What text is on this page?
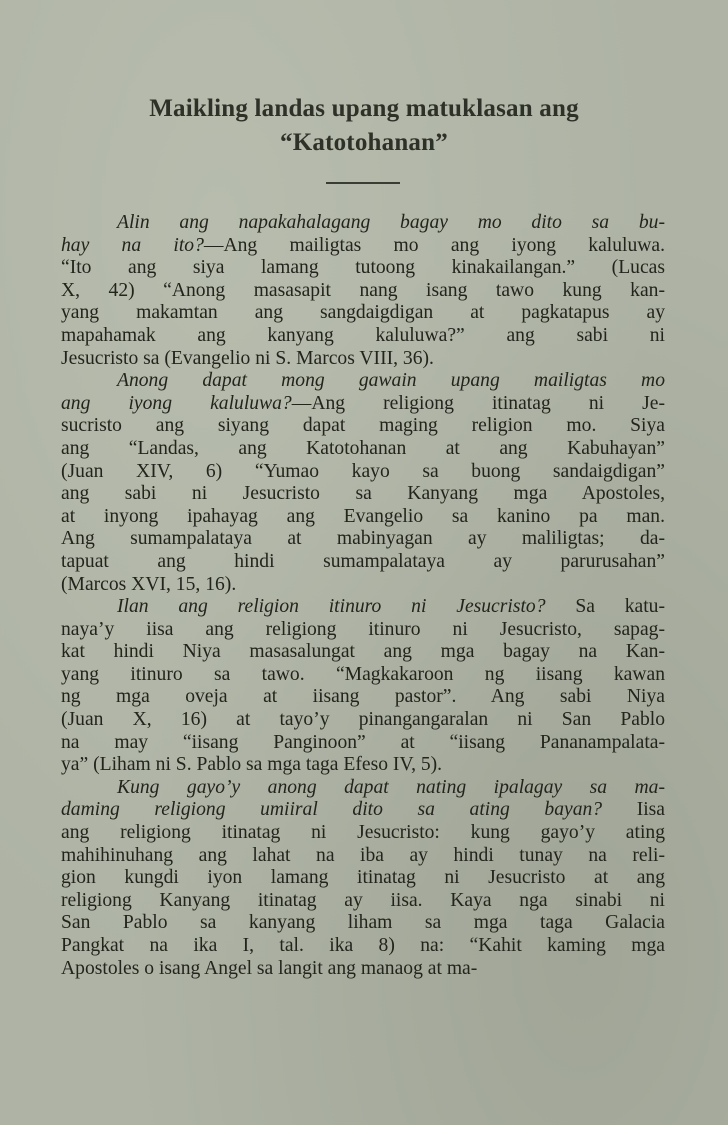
Maikling landas upang matuklasan ang
“Katotohanan”
Alin ang napakahalagang bagay mo dito sa bu-
hay na ito?—Ang mailigtas mo ang iyong kaluluwa.
“Ito ang siya lamang tutoong kinakailangan.” (Lucas
X, 42) “Anong masasapit nang isang tawo kung kan-
yang makamtan ang sangdaigdigan at pagkatapus ay
mapahamak ang kanyang kaluluwa?” ang sabi ni
Jesucristo sa (Evangelio ni S. Marcos VIII, 36).
Anong dapat mong gawain upang mailigtas mo
ang iyong kaluluwa?—Ang religiong itinatag ni Je-
sucristo ang siyang dapat maging religion mo. Siya
ang “Landas, ang Katotohanan at ang Kabuhayan”
(Juan XIV, 6) “Yumao kayo sa buong sandaigdigan”
ang sabi ni Jesucristo sa Kanyang mga Apostoles,
at inyong ipahayag ang Evangelio sa kanino pa man.
Ang sumampalataya at mabinyagan ay maliligtas; da-
tapuat ang hindi sumampalataya ay parurusahan”
(Marcos XVI, 15, 16).
Ilan ang religion itinuro ni Jesucristo? Sa katu-
naya’y iisa ang religiong itinuro ni Jesucristo, sapag-
kat hindi Niya masasalungat ang mga bagay na Kan-
yang itinuro sa tawo. “Magkakaroon ng iisang kawan
ng mga oveja at iisang pastor”. Ang sabi Niya
(Juan X, 16) at tayo’y pinangangaralan ni San Pablo
na may “iisang Panginoon” at “iisang Pananampalata-
ya” (Liham ni S. Pablo sa mga taga Efeso IV, 5).
Kung gayo’y anong dapat nating ipalagay sa ma-
daming religiong umiiral dito sa ating bayan? Iisa
ang religiong itinatag ni Jesucristo: kung gayo’y ating
mahihinuhang ang lahat na iba ay hindi tunay na reli-
gion kungdi iyon lamang itinatag ni Jesucristo at ang
religiong Kanyang itinatag ay iisa. Kaya nga sinabi ni
San Pablo sa kanyang liham sa mga taga Galacia
Pangkat na ika I, tal. ika 8) na: “Kahit kaming mga
Apostoles o isang Angel sa langit ang manaog at ma-
